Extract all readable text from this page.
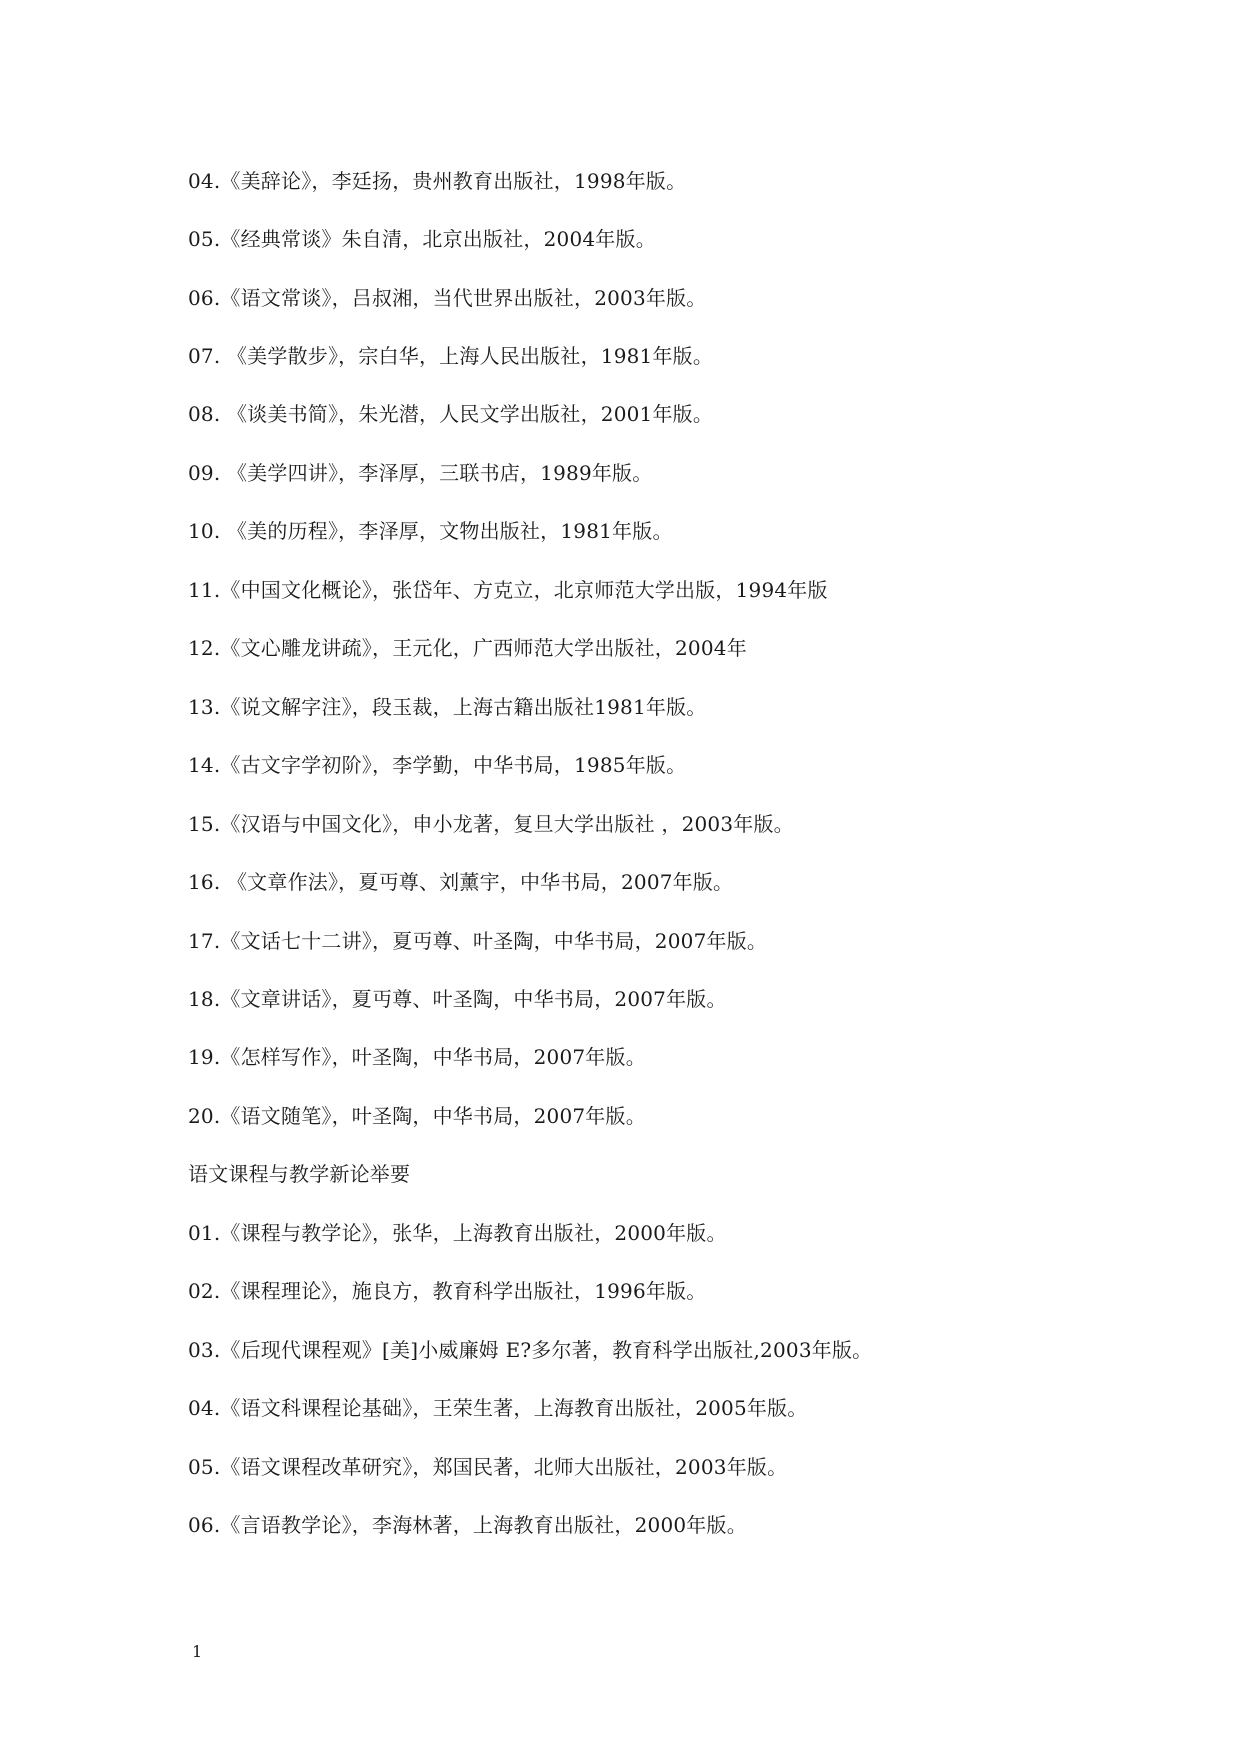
04.《美辞论》，李廷扬，贵州教育出版社，1998年版。
05.《经典常谈》朱自清，北京出版社，2004年版。
06.《语文常谈》，吕叔湘，当代世界出版社，2003年版。
07. 《美学散步》，宗白华，上海人民出版社，1981年版。
08. 《谈美书简》，朱光潜，人民文学出版社，2001年版。
09. 《美学四讲》，李泽厚，三联书店，1989年版。
10. 《美的历程》，李泽厚，文物出版社，1981年版。
11.《中国文化概论》，张岱年、方克立，北京师范大学出版，1994年版
12.《文心雕龙讲疏》，王元化，广西师范大学出版社，2004年
13.《说文解字注》，段玉裁，上海古籍出版社1981年版。
14.《古文字学初阶》，李学勤，中华书局，1985年版。
15.《汉语与中国文化》，申小龙著，复旦大学出版社 ，2003年版。
16. 《文章作法》，夏丏尊、刘薰宇，中华书局，2007年版。
17.《文话七十二讲》，夏丏尊、叶圣陶，中华书局，2007年版。
18.《文章讲话》，夏丏尊、叶圣陶，中华书局，2007年版。
19.《怎样写作》，叶圣陶，中华书局，2007年版。
20.《语文随笔》，叶圣陶，中华书局，2007年版。
语文课程与教学新论举要
01.《课程与教学论》，张华，上海教育出版社，2000年版。
02.《课程理论》，施良方，教育科学出版社，1996年版。
03.《后现代课程观》[美]小威廉姆 E?多尔著，教育科学出版社,2003年版。
04.《语文科课程论基础》，王荣生著，上海教育出版社，2005年版。
05.《语文课程改革研究》，郑国民著，北师大出版社，2003年版。
06.《言语教学论》，李海林著，上海教育出版社，2000年版。
1
